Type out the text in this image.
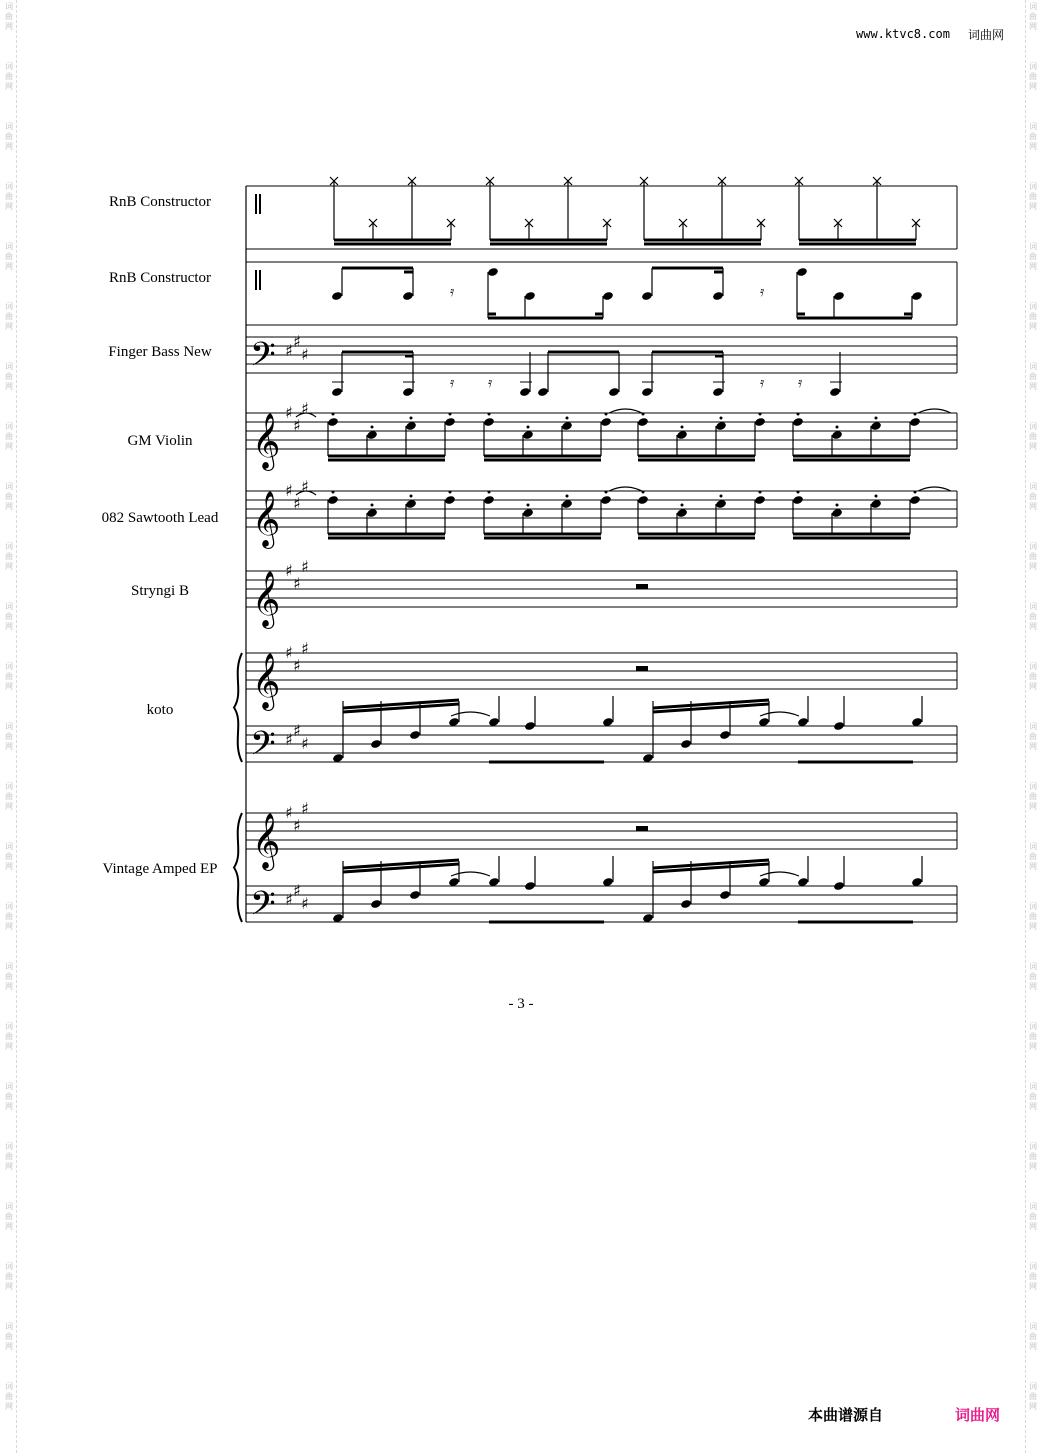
词
曲
网
词
曲
网
词
曲
网
词
曲
网
词
曲
网
词
曲
网
词
曲
网
词
曲
网
词
曲
网
词
曲
网
词
曲
网
词
曲
网
词
曲
网
词
曲
网
词
曲
网
词
曲
网
词
曲
网
词
曲
网
词
曲
网
词
曲
网
词
曲
网
词
曲
网
词
曲
网
词
曲
网
词
曲
网
词
曲
网
词
曲
网
词
曲
网
词
曲
网
词
曲
网
词
曲
网
词
曲
网
词
曲
网
词
曲
网
词
曲
网
词
曲
网
词
曲
网
词
曲
网
词
曲
网
词
曲
网
词
曲
网
词
曲
网
词
曲
网
词
曲
网
词
曲
网
词
曲
网
词
曲
网
词
曲
网
www.ktvc8.com 词曲网
RnB Constructor
RnB Constructor
Finger Bass New
GM Violin
082 Sawtooth Lead
Stryngi B
koto
Vintage Amped EP
𝄿	𝄿
𝄢 ♯ ♯
♯
𝄿 𝄿	𝄿 𝄿
𝄞
♯
♯
♯
𝄞
♯
♯
♯
𝄞
♯
♯
♯
𝄞
𝄢
♯
♯
♯
♯ ♯
♯
𝄞
𝄢
♯
♯
♯
♯ ♯
♯
- 3 -
本曲谱源自	词曲网
